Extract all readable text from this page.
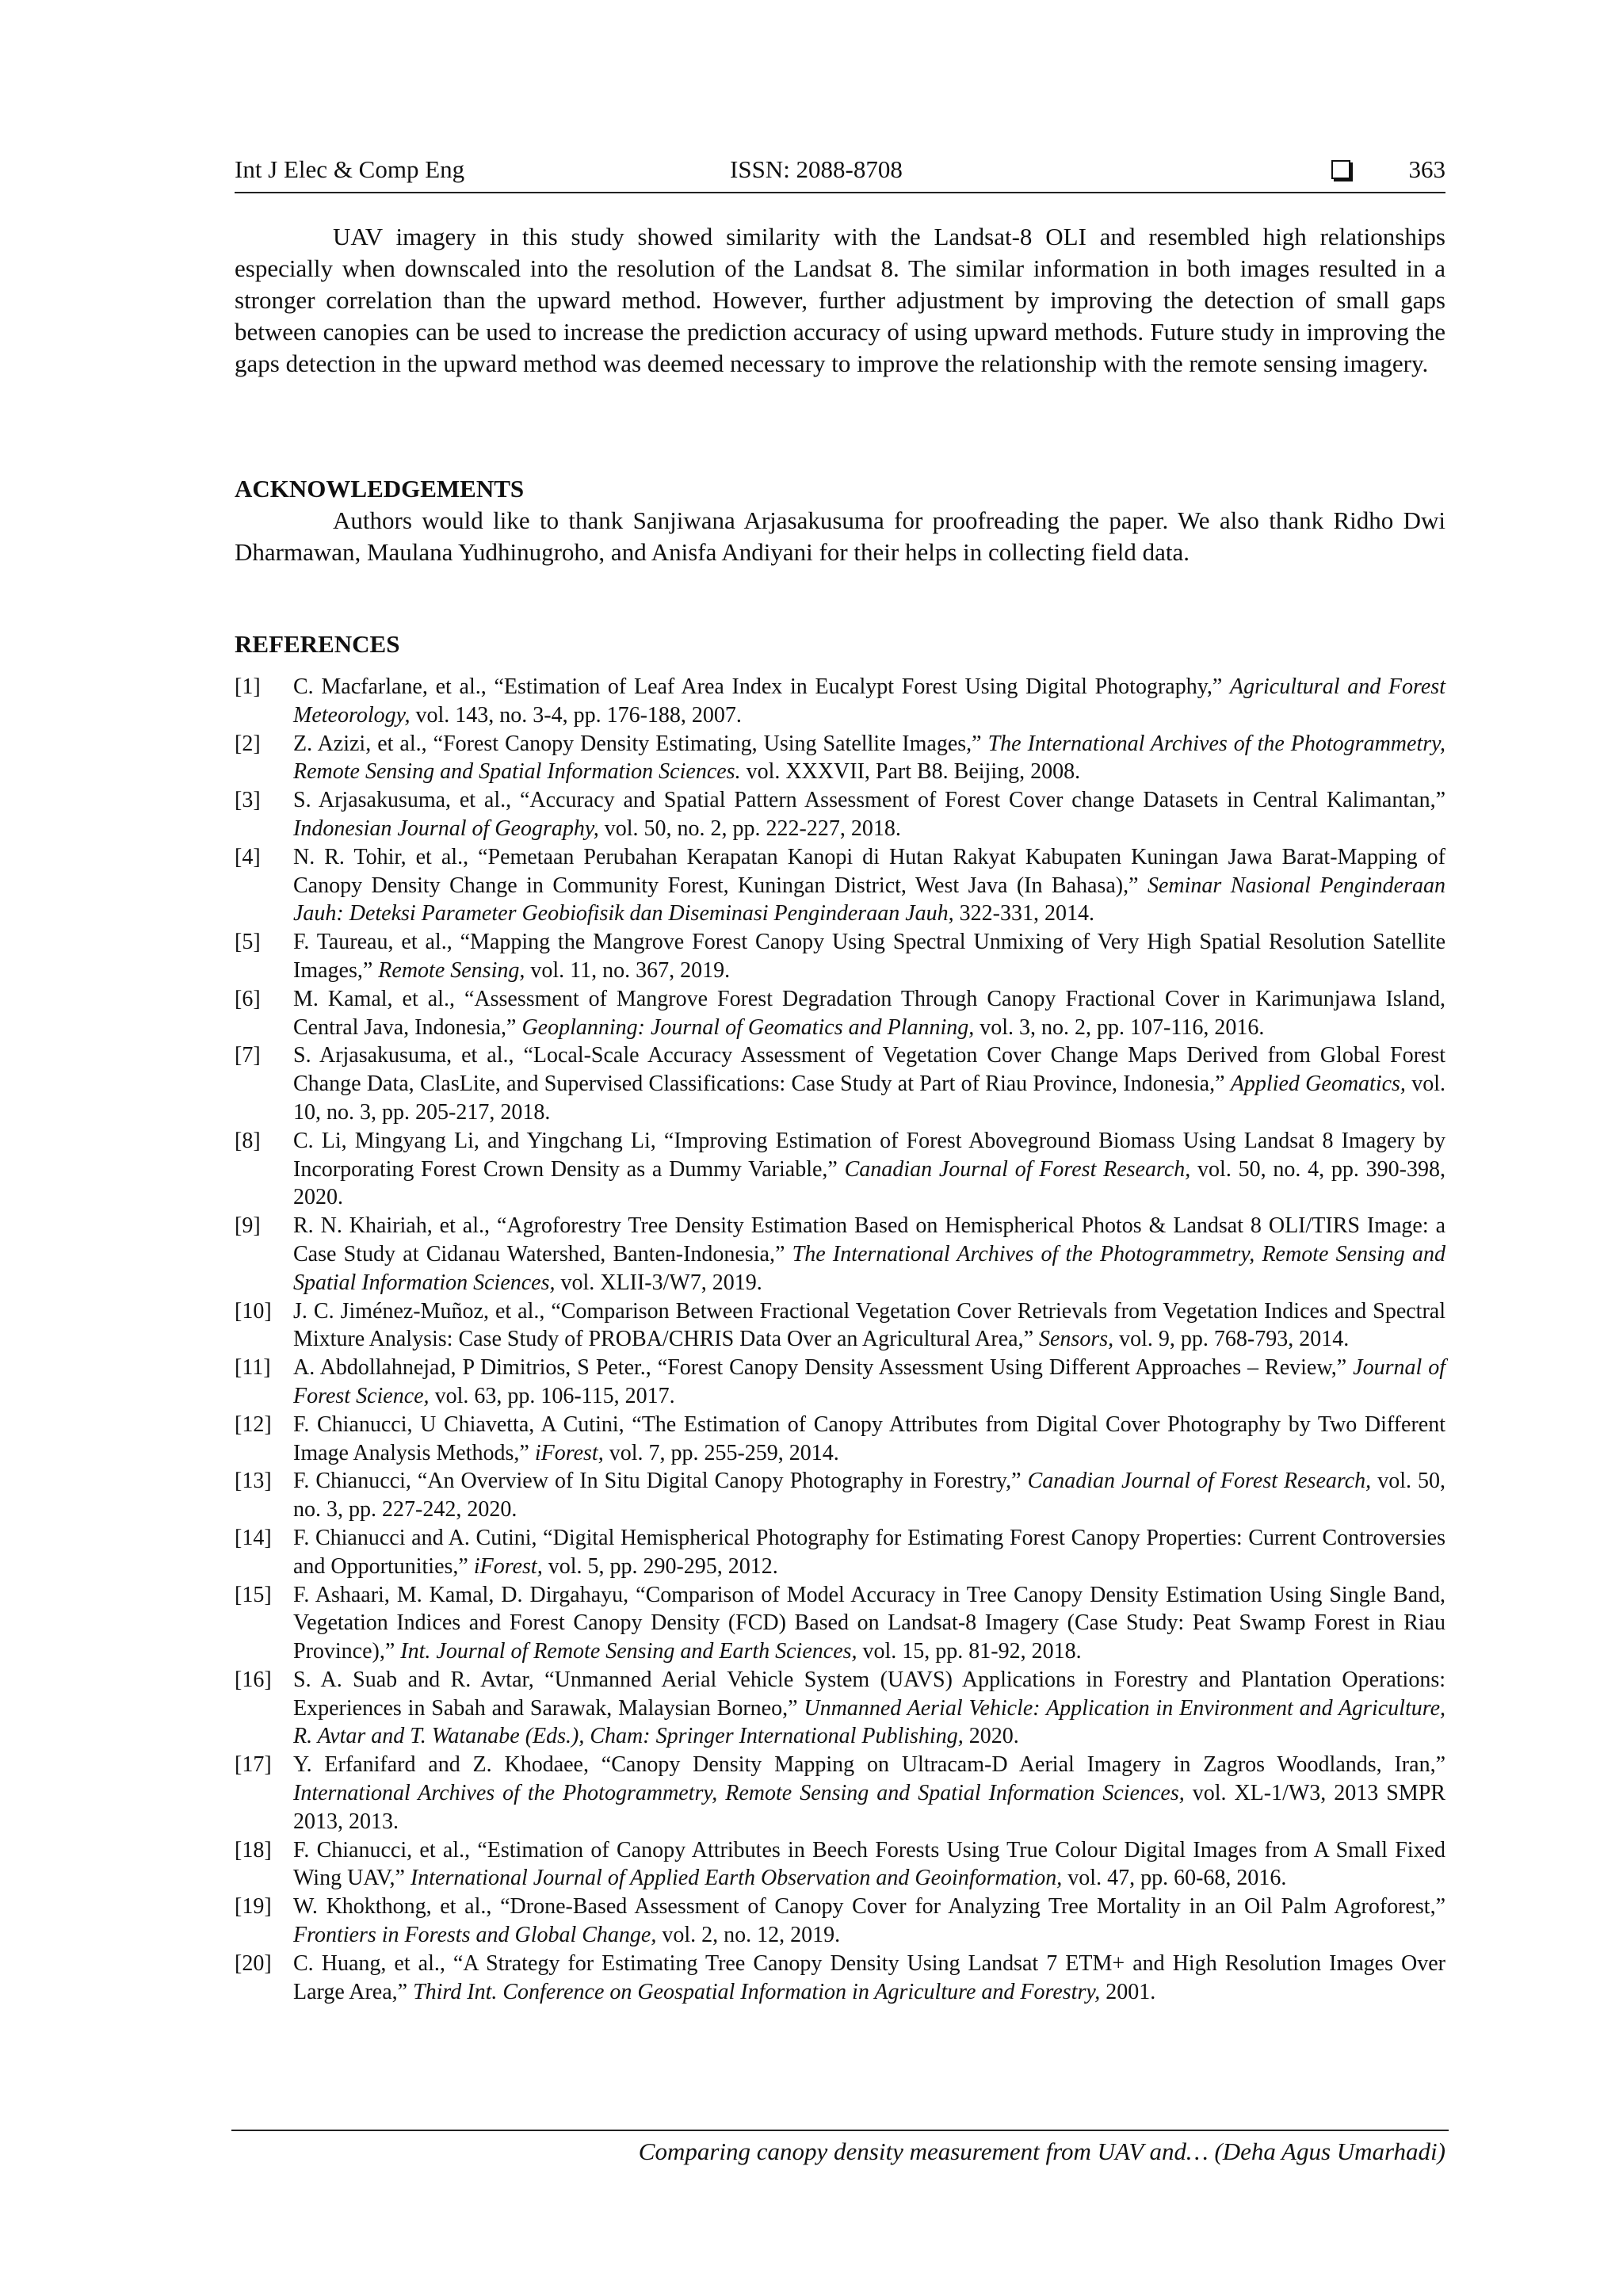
Int J Elec & Comp Eng	ISSN: 2088-8708	363

UAV imagery in this study showed similarity with the Landsat-8 OLI and resembled high relationships especially when downscaled into the resolution of the Landsat 8. The similar information in both images resulted in a stronger correlation than the upward method. However, further adjustment by improving the detection of small gaps between canopies can be used to increase the prediction accuracy of using upward methods. Future study in improving the gaps detection in the upward method was deemed necessary to improve the relationship with the remote sensing imagery.

ACKNOWLEDGEMENTS

Authors would like to thank Sanjiwana Arjasakusuma for proofreading the paper. We also thank Ridho Dwi Dharmawan, Maulana Yudhinugroho, and Anisfa Andiyani for their helps in collecting field data.

REFERENCES
[1] C. Macfarlane, et al., “Estimation of Leaf Area Index in Eucalypt Forest Using Digital Photography,” Agricultural and Forest Meteorology, vol. 143, no. 3-4, pp. 176-188, 2007.
[2] Z. Azizi, et al., “Forest Canopy Density Estimating, Using Satellite Images,” The International Archives of the Photogrammetry, Remote Sensing and Spatial Information Sciences. vol. XXXVII, Part B8. Beijing, 2008.
[3] S. Arjasakusuma, et al., “Accuracy and Spatial Pattern Assessment of Forest Cover change Datasets in Central Kalimantan,” Indonesian Journal of Geography, vol. 50, no. 2, pp. 222-227, 2018.
[4] N. R. Tohir, et al., “Pemetaan Perubahan Kerapatan Kanopi di Hutan Rakyat Kabupaten Kuningan Jawa Barat-Mapping of Canopy Density Change in Community Forest, Kuningan District, West Java (In Bahasa),” Seminar Nasional Penginderaan Jauh: Deteksi Parameter Geobiofisik dan Diseminasi Penginderaan Jauh, 322-331, 2014.
[5] F. Taureau, et al., “Mapping the Mangrove Forest Canopy Using Spectral Unmixing of Very High Spatial Resolution Satellite Images,” Remote Sensing, vol. 11, no. 367, 2019.
[6] M. Kamal, et al., “Assessment of Mangrove Forest Degradation Through Canopy Fractional Cover in Karimunjawa Island, Central Java, Indonesia,” Geoplanning: Journal of Geomatics and Planning, vol. 3, no. 2, pp. 107-116, 2016.
[7] S. Arjasakusuma, et al., “Local-Scale Accuracy Assessment of Vegetation Cover Change Maps Derived from Global Forest Change Data, ClasLite, and Supervised Classifications: Case Study at Part of Riau Province, Indonesia,” Applied Geomatics, vol. 10, no. 3, pp. 205-217, 2018.
[8] C. Li, Mingyang Li, and Yingchang Li, “Improving Estimation of Forest Aboveground Biomass Using Landsat 8 Imagery by Incorporating Forest Crown Density as a Dummy Variable,” Canadian Journal of Forest Research, vol. 50, no. 4, pp. 390-398, 2020.
[9] R. N. Khairiah, et al., “Agroforestry Tree Density Estimation Based on Hemispherical Photos & Landsat 8 OLI/TIRS Image: a Case Study at Cidanau Watershed, Banten-Indonesia,” The International Archives of the Photogrammetry, Remote Sensing and Spatial Information Sciences, vol. XLII-3/W7, 2019.
[10] J. C. Jiménez-Muñoz, et al., “Comparison Between Fractional Vegetation Cover Retrievals from Vegetation Indices and Spectral Mixture Analysis: Case Study of PROBA/CHRIS Data Over an Agricultural Area,” Sensors, vol. 9, pp. 768-793, 2014.
[11] A. Abdollahnejad, P Dimitrios, S Peter., “Forest Canopy Density Assessment Using Different Approaches – Review,” Journal of Forest Science, vol. 63, pp. 106-115, 2017.
[12] F. Chianucci, U Chiavetta, A Cutini, “The Estimation of Canopy Attributes from Digital Cover Photography by Two Different Image Analysis Methods,” iForest, vol. 7, pp. 255-259, 2014.
[13] F. Chianucci, “An Overview of In Situ Digital Canopy Photography in Forestry,” Canadian Journal of Forest Research, vol. 50, no. 3, pp. 227-242, 2020.
[14] F. Chianucci and A. Cutini, “Digital Hemispherical Photography for Estimating Forest Canopy Properties: Current Controversies and Opportunities,” iForest, vol. 5, pp. 290-295, 2012.
[15] F. Ashaari, M. Kamal, D. Dirgahayu, “Comparison of Model Accuracy in Tree Canopy Density Estimation Using Single Band, Vegetation Indices and Forest Canopy Density (FCD) Based on Landsat-8 Imagery (Case Study: Peat Swamp Forest in Riau Province),” Int. Journal of Remote Sensing and Earth Sciences, vol. 15, pp. 81-92, 2018.
[16] S. A. Suab and R. Avtar, “Unmanned Aerial Vehicle System (UAVS) Applications in Forestry and Plantation Operations: Experiences in Sabah and Sarawak, Malaysian Borneo,” Unmanned Aerial Vehicle: Application in Environment and Agriculture, R. Avtar and T. Watanabe (Eds.), Cham: Springer International Publishing, 2020.
[17] Y. Erfanifard and Z. Khodaee, “Canopy Density Mapping on Ultracam-D Aerial Imagery in Zagros Woodlands, Iran,” International Archives of the Photogrammetry, Remote Sensing and Spatial Information Sciences, vol. XL-1/W3, 2013 SMPR 2013, 2013.
[18] F. Chianucci, et al., “Estimation of Canopy Attributes in Beech Forests Using True Colour Digital Images from A Small Fixed Wing UAV,” International Journal of Applied Earth Observation and Geoinformation, vol. 47, pp. 60-68, 2016.
[19] W. Khokthong, et al., “Drone-Based Assessment of Canopy Cover for Analyzing Tree Mortality in an Oil Palm Agroforest,” Frontiers in Forests and Global Change, vol. 2, no. 12, 2019.
[20] C. Huang, et al., “A Strategy for Estimating Tree Canopy Density Using Landsat 7 ETM+ and High Resolution Images Over Large Area,” Third Int. Conference on Geospatial Information in Agriculture and Forestry, 2001.
Comparing canopy density measurement from UAV and… (Deha Agus Umarhadi)
